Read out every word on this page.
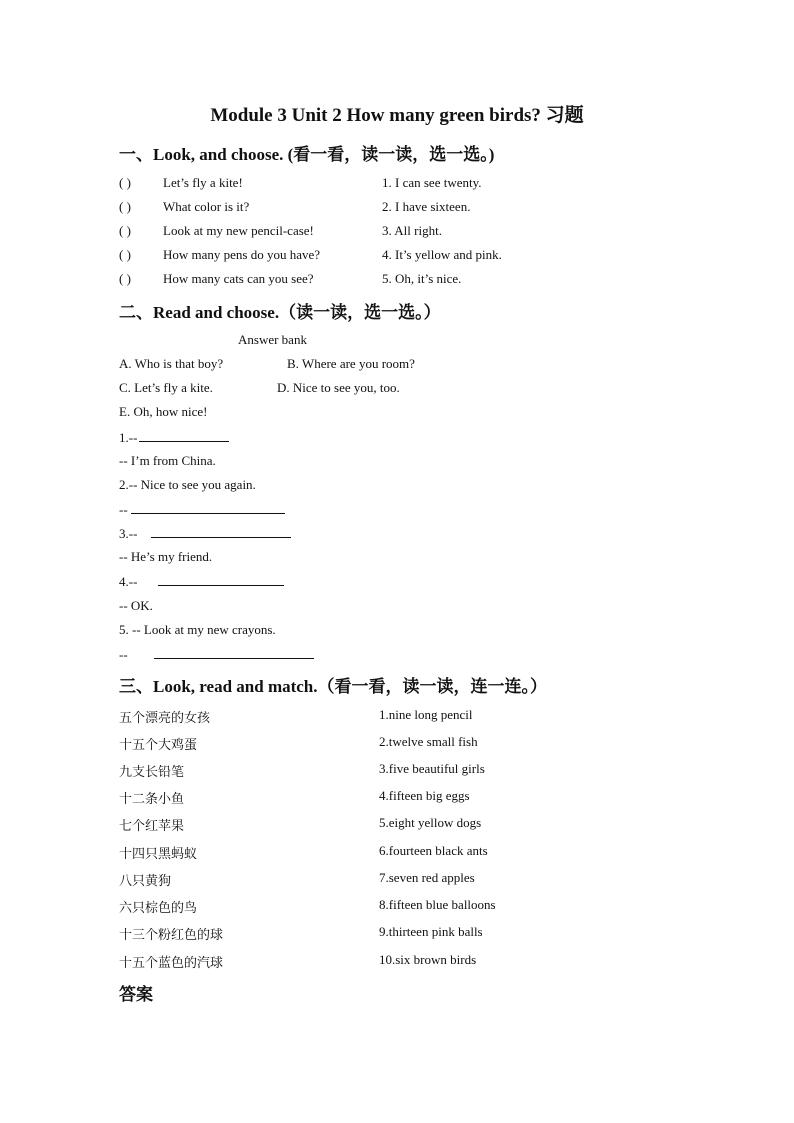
Module 3 Unit 2 How many green birds? 习题
一、Look, and choose. (看一看，读一读，选一选。)
( ) Let’s fly a kite!	1. I can see twenty.
( ) What color is it?	2. I have sixteen.
( ) Look at my new pencil-case!	3. All right.
( ) How many pens do you have?	4. It’s yellow and pink.
( ) How many cats can you see?	5. Oh, it’s nice.
二、Read and choose.（读一读，选一选。）
Answer bank
A. Who is that boy?	B. Where are you room?
C. Let’s fly a kite.	D. Nice to see you, too.
E. Oh, how nice!
1.--
-- I’m from China.
2.-- Nice to see you again.
--
3.--
-- He’s my friend.
4.--
-- OK.
5. -- Look at my new crayons.
--
三、Look, read and match.（看一看，读一读，连一连。）
五个漂亮的女孩	1.nine long pencil
十五个大鸡蛋	2.twelve small fish
九支长铅笔	3.five beautiful girls
十二条小鱼	4.fifteen big eggs
七个红苹果	5.eight yellow dogs
十四只黑蚂蚁	6.fourteen black ants
八只黄狗	7.seven red apples
六只棕色的鸟	8.fifteen blue balloons
十三个粉红色的球	9.thirteen pink balls
十五个蓝色的汽球	10.six brown birds
答案
